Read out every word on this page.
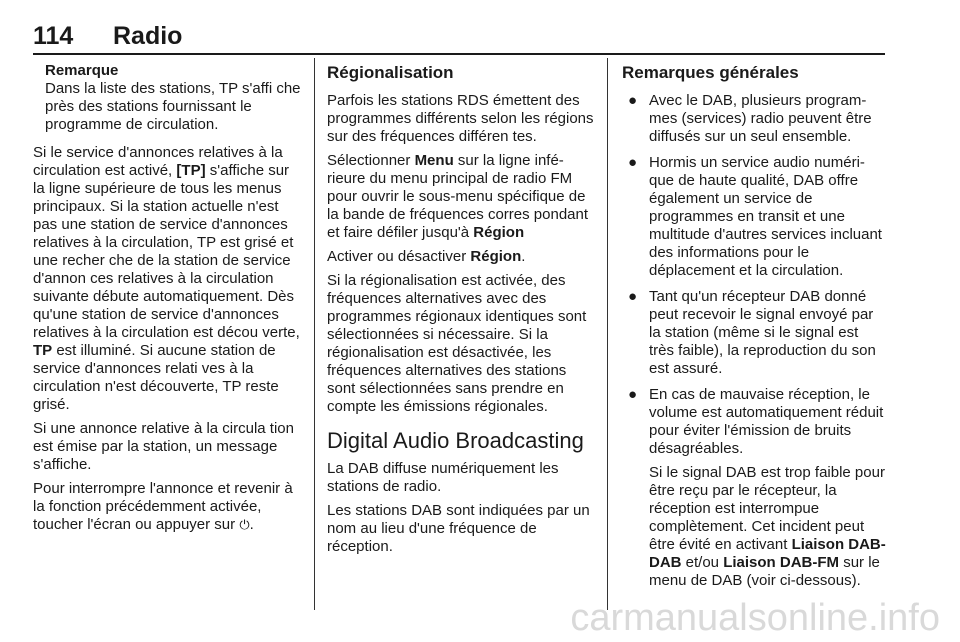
114 Radio
Remarque
Dans la liste des stations, TP s'affi che près des stations fournissant le programme de circulation.

Si le service d'annonces relatives à la circulation est activé, [TP] s'affiche sur la ligne supérieure de tous les menus principaux. Si la station actuelle n'est pas une station de service d'annonces relatives à la circulation, TP est grisé et une recher che de la station de service d'annon ces relatives à la circulation suivante débute automatiquement. Dès qu'une station de service d'annonces relatives à la circulation est décou verte, TP est illuminé. Si aucune station de service d'annonces relati ves à la circulation n'est découverte, TP reste grisé.

Si une annonce relative à la circula tion est émise par la station, un message s'affiche.

Pour interrompre l'annonce et revenir à la fonction précédemment activée, toucher l'écran ou appuyer sur ⏻.

Régionalisation

Parfois les stations RDS émettent des programmes différents selon les régions sur des fréquences différen tes.

Sélectionner Menu sur la ligne infé rieure du menu principal de radio FM pour ouvrir le sous-menu spécifique de la bande de fréquences corres pondant et faire défiler jusqu'à Région

Activer ou désactiver Région.

Si la régionalisation est activée, des fréquences alternatives avec des programmes régionaux identiques sont sélectionnées si nécessaire. Si la régionalisation est désactivée, les fréquences alternatives des stations sont sélectionnées sans prendre en compte les émissions régionales.

Digital Audio Broadcasting

La DAB diffuse numériquement les stations de radio.

Les stations DAB sont indiquées par un nom au lieu d'une fréquence de réception.

Remarques générales
● Avec le DAB, plusieurs program mes (services) radio peuvent être diffusés sur un seul ensemble.

● Hormis un service audio numéri que de haute qualité, DAB offre également un service de programmes en transit et une multitude d'autres services incluant des informations pour le déplacement et la circulation.

● Tant qu'un récepteur DAB donné peut recevoir le signal envoyé par la station (même si le signal est très faible), la reproduction du son est assuré.

● En cas de mauvaise réception, le volume est automatiquement réduit pour éviter l'émission de bruits désagréables.

Si le signal DAB est trop faible pour être reçu par le récepteur, la réception est interrompue complètement. Cet incident peut être évité en activant Liaison DAB-DAB et/ou Liaison DAB-FM sur le menu de DAB (voir ci-dessous).

carmanualsonline.info
